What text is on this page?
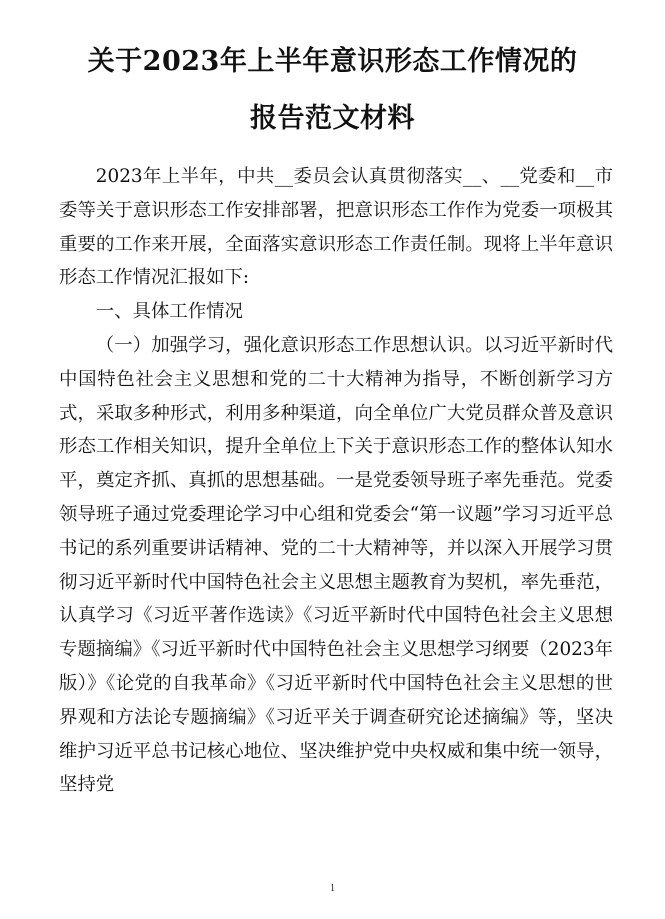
关于2023年上半年意识形态工作情况的
报告范文材料

2023年上半年，中共__委员会认真贯彻落实__、__党委和__市委等关于意识形态工作安排部署，把意识形态工作作为党委一项极其重要的工作来开展，全面落实意识形态工作责任制。现将上半年意识形态工作情况汇报如下:

一、具体工作情况

（一）加强学习，强化意识形态工作思想认识。以习近平新时代中国特色社会主义思想和党的二十大精神为指导，不断创新学习方式，采取多种形式，利用多种渠道，向全单位广大党员群众普及意识形态工作相关知识，提升全单位上下关于意识形态工作的整体认知水平，奠定齐抓、真抓的思想基础。一是党委领导班子率先垂范。党委领导班子通过党委理论学习中心组和党委会“第一议题”学习习近平总书记的系列重要讲话精神、党的二十大精神等，并以深入开展学习贯彻习近平新时代中国特色社会主义思想主题教育为契机，率先垂范，认真学习《习近平著作选读》《习近平新时代中国特色社会主义思想专题摘编》《习近平新时代中国特色社会主义思想学习纲要（2023年版）》《论党的自我革命》《习近平新时代中国特色社会主义思想的世界观和方法论专题摘编》《习近平关于调查研究论述摘编》等，坚决维护习近平总书记核心地位、坚决维护党中央权威和集中统一领导，坚持党

1
